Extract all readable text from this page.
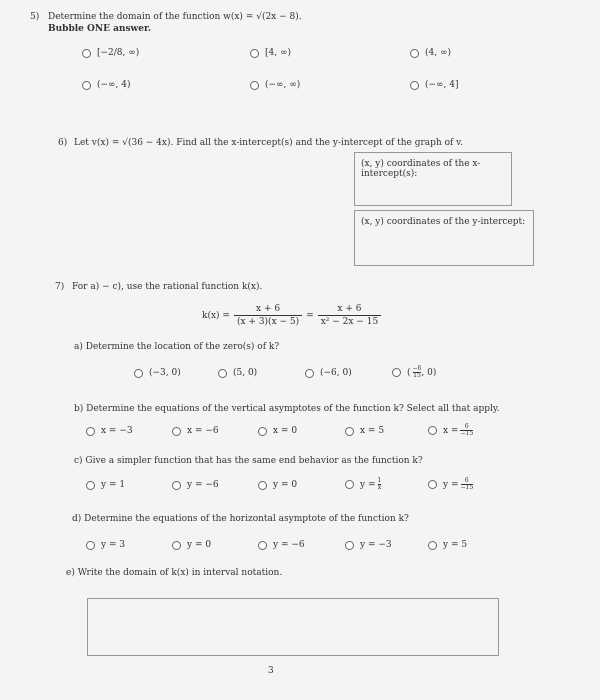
5) Determine the domain of the function w(x) = √(2x − 8).
Bubble ONE answer.
[−2/8, ∞)	[4, ∞)	(4, ∞)
(−∞, 4)	(−∞, ∞)	(−∞, 4]
6) Let v(x) = √(36 − 4x). Find all the x-intercept(s) and the y-intercept of the graph of v.
(x, y) coordinates of the x-intercept(s):
(x, y) coordinates of the y-intercept:
7) For a) − c), use the rational function k(x).
$k(x) = \frac{x + 6}{(x + 3)(x - 5)} = \frac{x + 6}{\text{x² − 2x − 15}}$
a) Determine the location of the zero(s) of k?
(−3, 0)	(5, 0)	(−6, 0)	( $\frac{-6}{15}$ , 0)
b) Determine the equations of the vertical asymptotes of the function k? Select all that apply.
x = −3	x = −6	x = 0	x = 5	$x = \frac{6}{-15}$
c) Give a simpler function that has the same end behavior as the function k?
y = 1	y = −6	y = 0	$y = \frac{1}{x}$	$y = \frac{6}{-15}$
d) Determine the equations of the horizontal asymptote of the function k?
y = 3	y = 0	y = −6	y = −3	y = 5
e) Write the domain of k(x) in interval notation.
3
